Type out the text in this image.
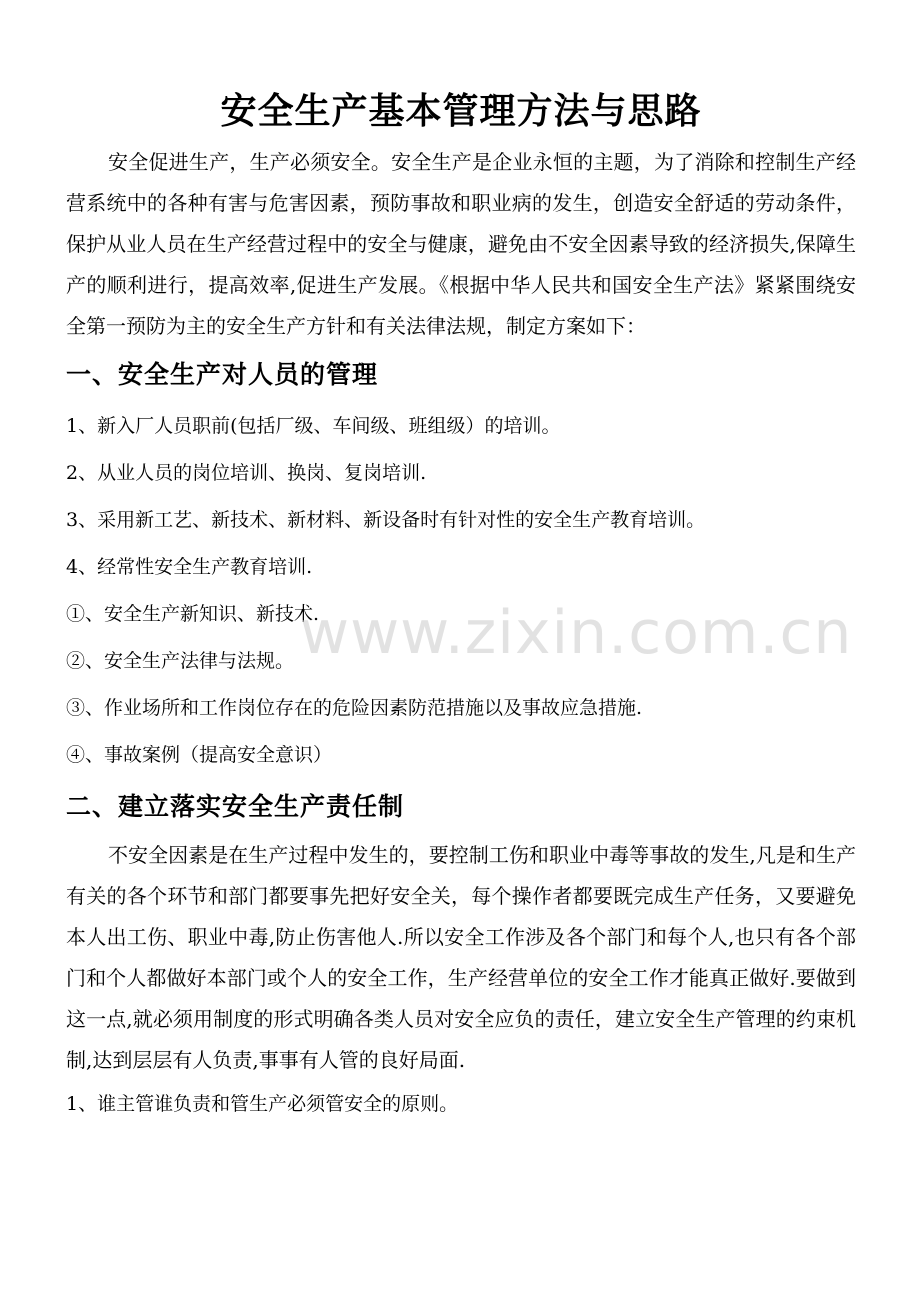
安全生产基本管理方法与思路

安全促进生产，生产必须安全。安全生产是企业永恒的主题，为了消除和控制生产经营系统中的各种有害与危害因素，预防事故和职业病的发生，创造安全舒适的劳动条件，保护从业人员在生产经营过程中的安全与健康，避免由不安全因素导致的经济损失,保障生产的顺利进行，提高效率,促进生产发展。《根据中华人民共和国安全生产法》紧紧围绕安全第一预防为主的安全生产方针和有关法律法规，制定方案如下：

一、安全生产对人员的管理

1、新入厂人员职前(包括厂级、车间级、班组级）的培训。

2、从业人员的岗位培训、换岗、复岗培训.

3、采用新工艺、新技术、新材料、新设备时有针对性的安全生产教育培训。

4、经常性安全生产教育培训.

①、安全生产新知识、新技术.

②、安全生产法律与法规。

③、作业场所和工作岗位存在的危险因素防范措施以及事故应急措施.

④、事故案例（提高安全意识）

二、建立落实安全生产责任制

不安全因素是在生产过程中发生的，要控制工伤和职业中毒等事故的发生,凡是和生产有关的各个环节和部门都要事先把好安全关，每个操作者都要既完成生产任务，又要避免本人出工伤、职业中毒,防止伤害他人.所以安全工作涉及各个部门和每个人,也只有各个部门和个人都做好本部门或个人的安全工作，生产经营单位的安全工作才能真正做好.要做到这一点,就必须用制度的形式明确各类人员对安全应负的责任，建立安全生产管理的约束机制,达到层层有人负责,事事有人管的良好局面.

1、谁主管谁负责和管生产必须管安全的原则。

www.zixin.com.cn
